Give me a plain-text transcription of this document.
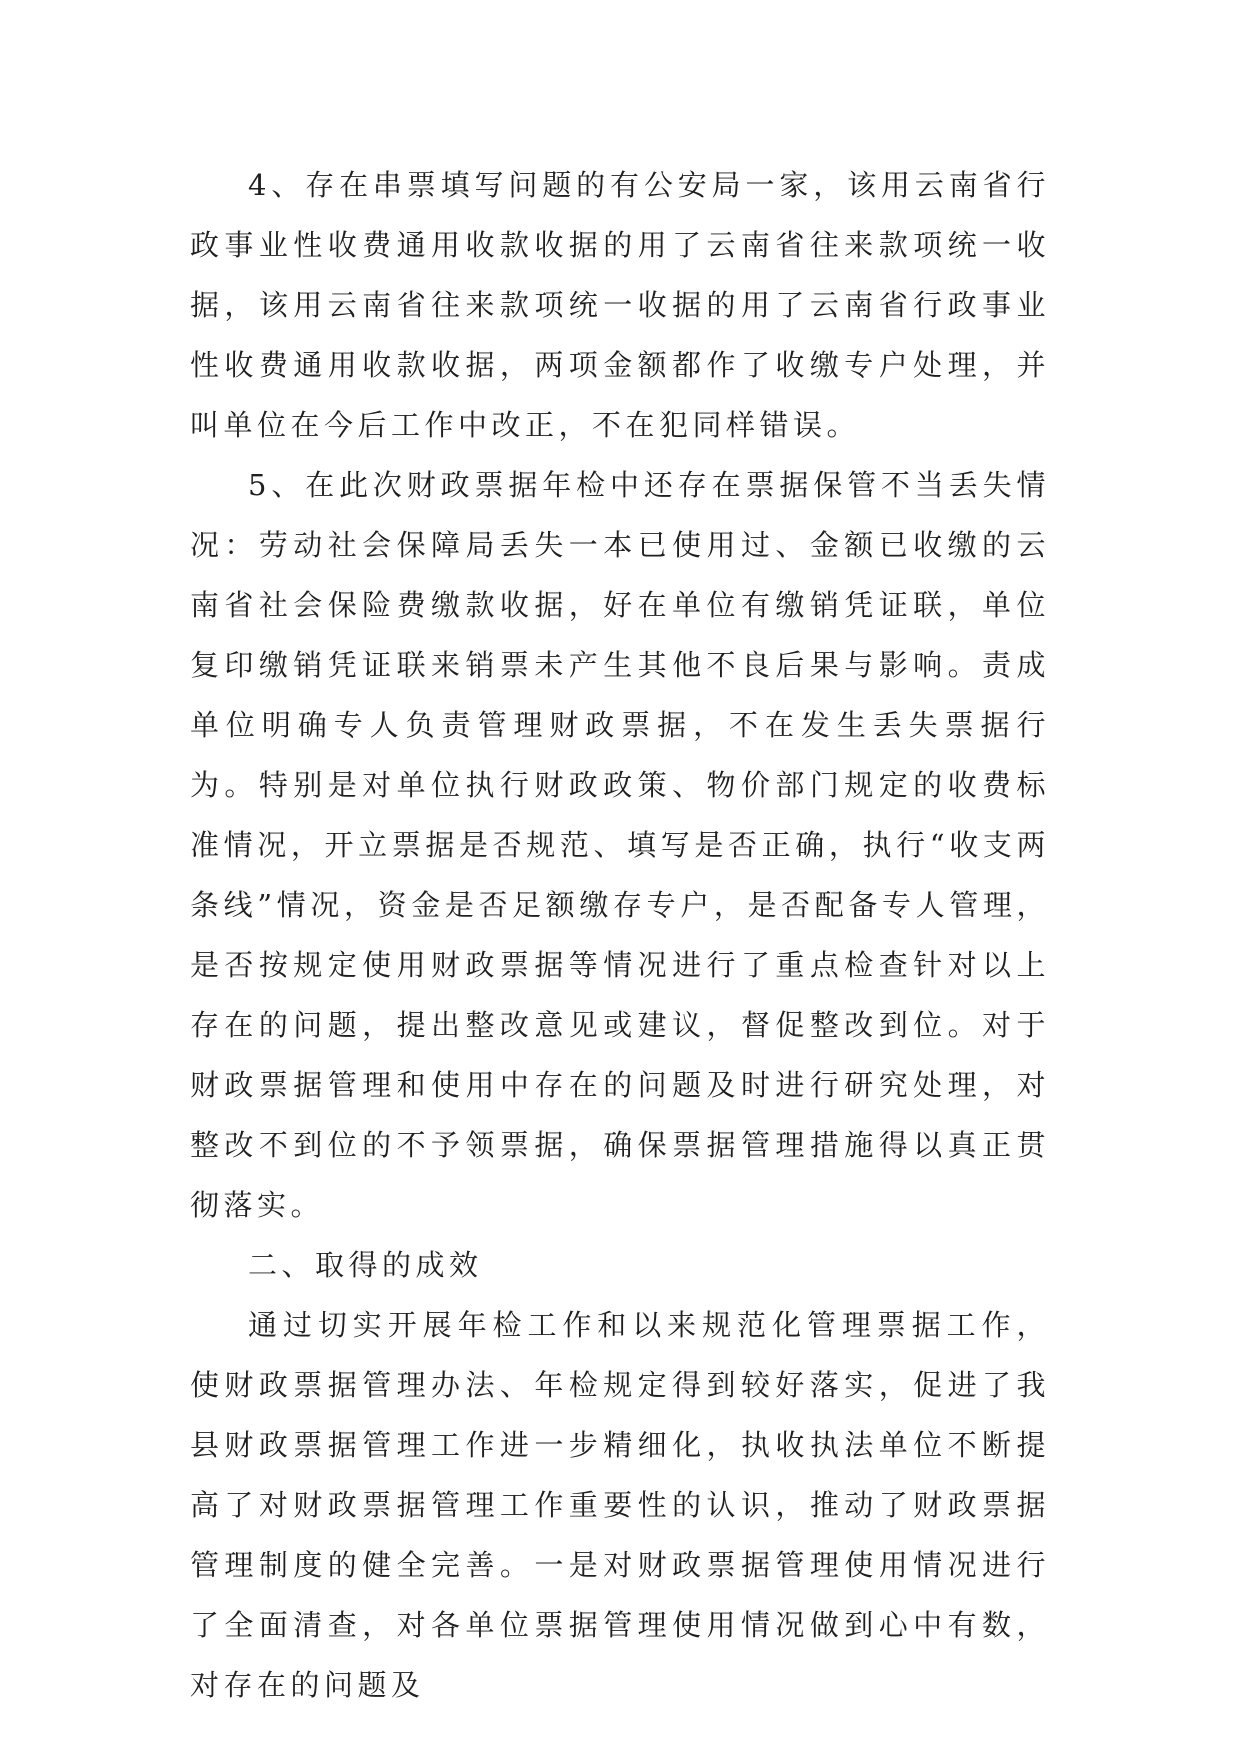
4、存在串票填写问题的有公安局一家，该用云南省行政事业性收费通用收款收据的用了云南省往来款项统一收据，该用云南省往来款项统一收据的用了云南省行政事业性收费通用收款收据，两项金额都作了收缴专户处理，并叫单位在今后工作中改正，不在犯同样错误。

5、在此次财政票据年检中还存在票据保管不当丢失情况：劳动社会保障局丢失一本已使用过、金额已收缴的云南省社会保险费缴款收据，好在单位有缴销凭证联，单位复印缴销凭证联来销票未产生其他不良后果与影响。责成单位明确专人负责管理财政票据，不在发生丢失票据行为。特别是对单位执行财政政策、物价部门规定的收费标准情况，开立票据是否规范、填写是否正确，执行“收支两条线”情况，资金是否足额缴存专户，是否配备专人管理，是否按规定使用财政票据等情况进行了重点检查针对以上存在的问题，提出整改意见或建议，督促整改到位。对于财政票据管理和使用中存在的问题及时进行研究处理，对整改不到位的不予领票据，确保票据管理措施得以真正贯彻落实。

二、取得的成效

通过切实开展年检工作和以来规范化管理票据工作，使财政票据管理办法、年检规定得到较好落实，促进了我县财政票据管理工作进一步精细化，执收执法单位不断提高了对财政票据管理工作重要性的认识，推动了财政票据管理制度的健全完善。一是对财政票据管理使用情况进行了全面清查，对各单位票据管理使用情况做到心中有数，对存在的问题及
